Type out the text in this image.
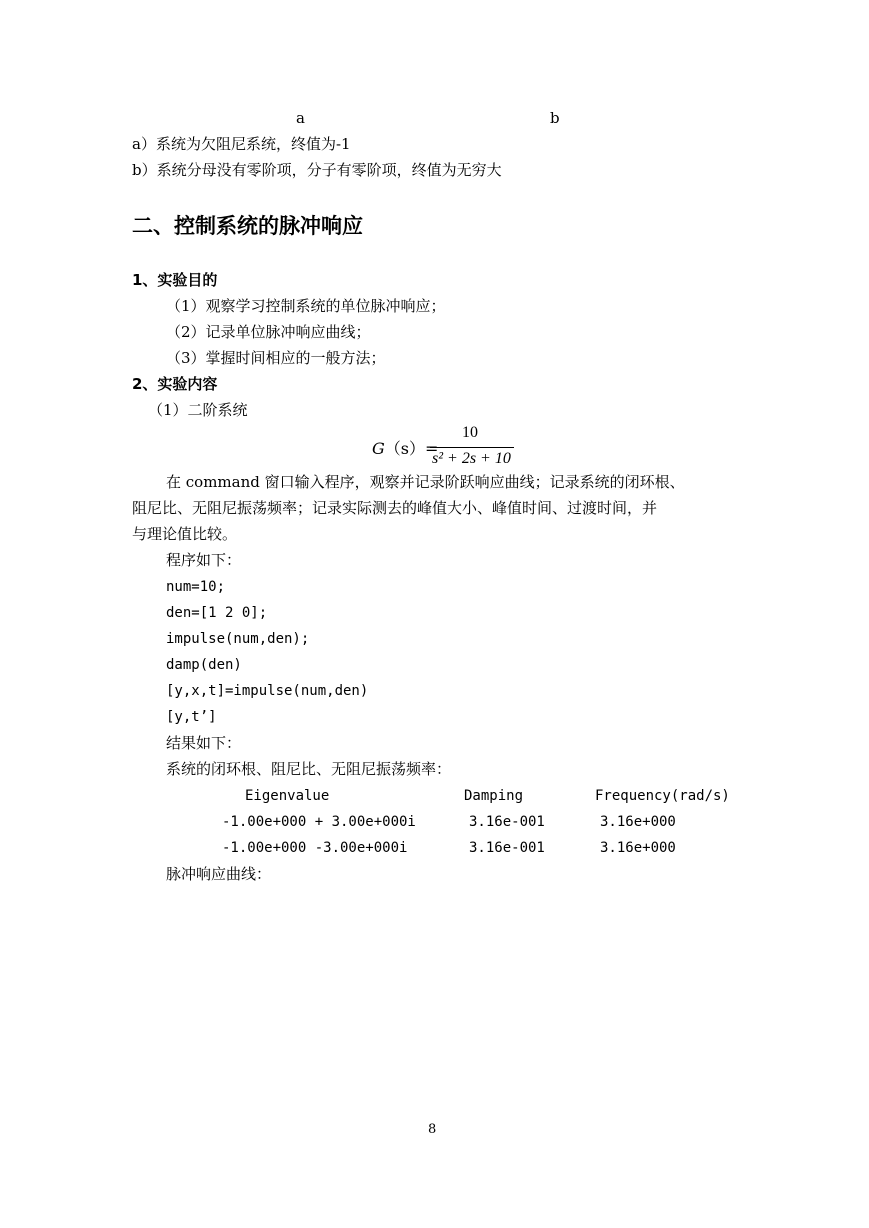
a	b
a）系统为欠阻尼系统，终值为-1
b）系统分母没有零阶项，分子有零阶项，终值为无穷大
二、控制系统的脉冲响应
1、实验目的
（1）观察学习控制系统的单位脉冲响应；
（2）记录单位脉冲响应曲线；
（3）掌握时间相应的一般方法；
2、实验内容
（1）二阶系统
G（s）=
10
s² + 2s + 10
在 command 窗口输入程序，观察并记录阶跃响应曲线；记录系统的闭环根、
阻尼比、无阻尼振荡频率；记录实际测去的峰值大小、峰值时间、过渡时间，并
与理论值比较。
程序如下：
num=10;
den=[1 2 0];
impulse(num,den);
damp(den)
[y,x,t]=impulse(num,den)
[y,t’]
结果如下：
系统的闭环根、阻尼比、无阻尼振荡频率：
Eigenvalue	Damping	Frequency(rad/s)
-1.00e+000 + 3.00e+000i	3.16e-001	3.16e+000
-1.00e+000 -3.00e+000i	3.16e-001	3.16e+000
脉冲响应曲线：
8
